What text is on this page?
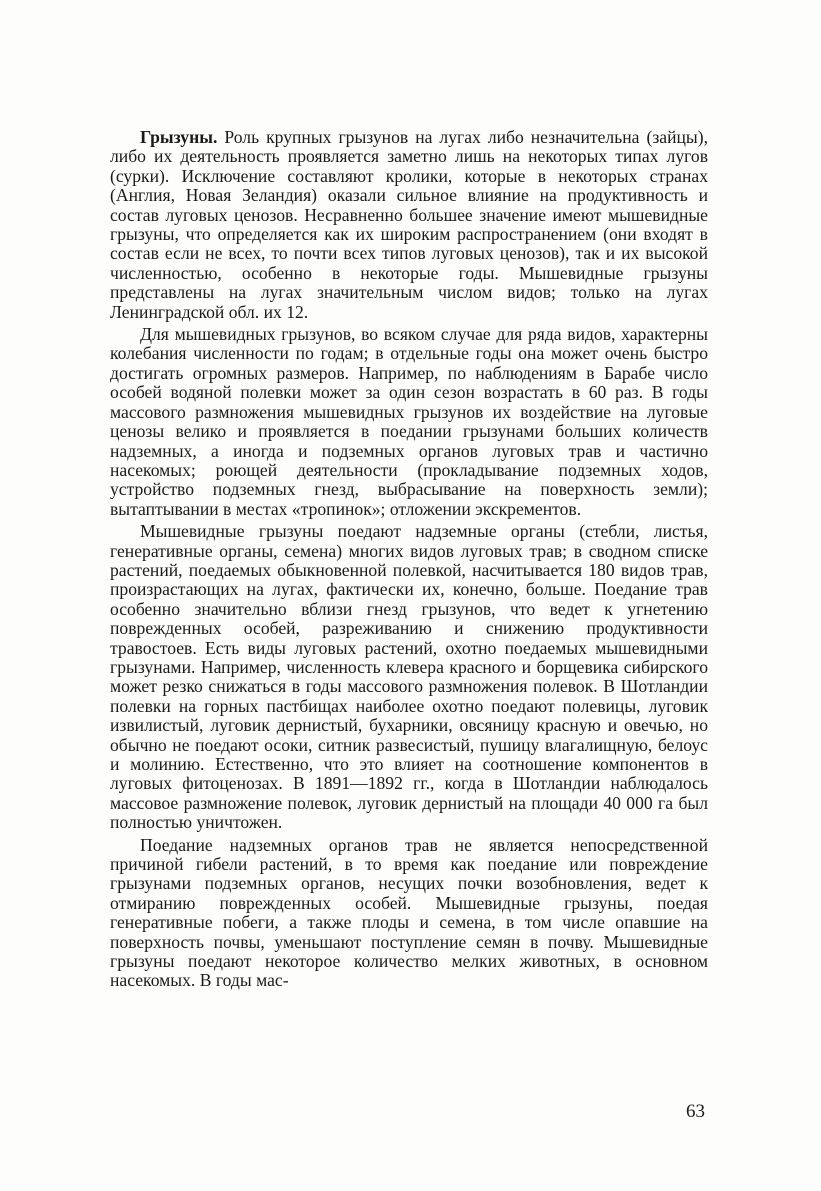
Грызуны. Роль крупных грызунов на лугах либо незначительна (зайцы), либо их деятельность проявляется заметно лишь на некоторых типах лугов (сурки). Исключение составляют кролики, которые в некоторых странах (Англия, Новая Зеландия) оказали сильное влияние на продуктивность и состав луговых ценозов. Несравненно большее значение имеют мышевидные грызуны, что определяется как их широким распространением (они входят в состав если не всех, то почти всех типов луговых ценозов), так и их высокой численностью, особенно в некоторые годы. Мышевидные грызуны представлены на лугах значительным числом видов; только на лугах Ленинградской обл. их 12.

Для мышевидных грызунов, во всяком случае для ряда видов, характерны колебания численности по годам; в отдельные годы она может очень быстро достигать огромных размеров. Например, по наблюдениям в Барабе число особей водяной полевки может за один сезон возрастать в 60 раз. В годы массового размножения мышевидных грызунов их воздействие на луговые ценозы велико и проявляется в поедании грызунами больших количеств надземных, а иногда и подземных органов луговых трав и частично насекомых; роющей деятельности (прокладывание подземных ходов, устройство подземных гнезд, выбрасывание на поверхность земли); вытаптывании в местах «тропинок»; отложении экскрементов.

Мышевидные грызуны поедают надземные органы (стебли, листья, генеративные органы, семена) многих видов луговых трав; в сводном списке растений, поедаемых обыкновенной полевкой, насчитывается 180 видов трав, произрастающих на лугах, фактически их, конечно, больше. Поедание трав особенно значительно вблизи гнезд грызунов, что ведет к угнетению поврежденных особей, разреживанию и снижению продуктивности травостоев. Есть виды луговых растений, охотно поедаемых мышевидными грызунами. Например, численность клевера красного и борщевика сибирского может резко снижаться в годы массового размножения полевок. В Шотландии полевки на горных пастбищах наиболее охотно поедают полевицы, луговик извилистый, луговик дернистый, бухарники, овсяницу красную и овечью, но обычно не поедают осоки, ситник развесистый, пушицу влагалищную, белоус и молинию. Естественно, что это влияет на соотношение компонентов в луговых фитоценозах. В 1891—1892 гг., когда в Шотландии наблюдалось массовое размножение полевок, луговик дернистый на площади 40 000 га был полностью уничтожен.

Поедание надземных органов трав не является непосредственной причиной гибели растений, в то время как поедание или повреждение грызунами подземных органов, несущих почки возобновления, ведет к отмиранию поврежденных особей. Мышевидные грызуны, поедая генеративные побеги, а также плоды и семена, в том числе опавшие на поверхность почвы, уменьшают поступление семян в почву. Мышевидные грызуны поедают некоторое количество мелких животных, в основном насекомых. В годы мас-

63
